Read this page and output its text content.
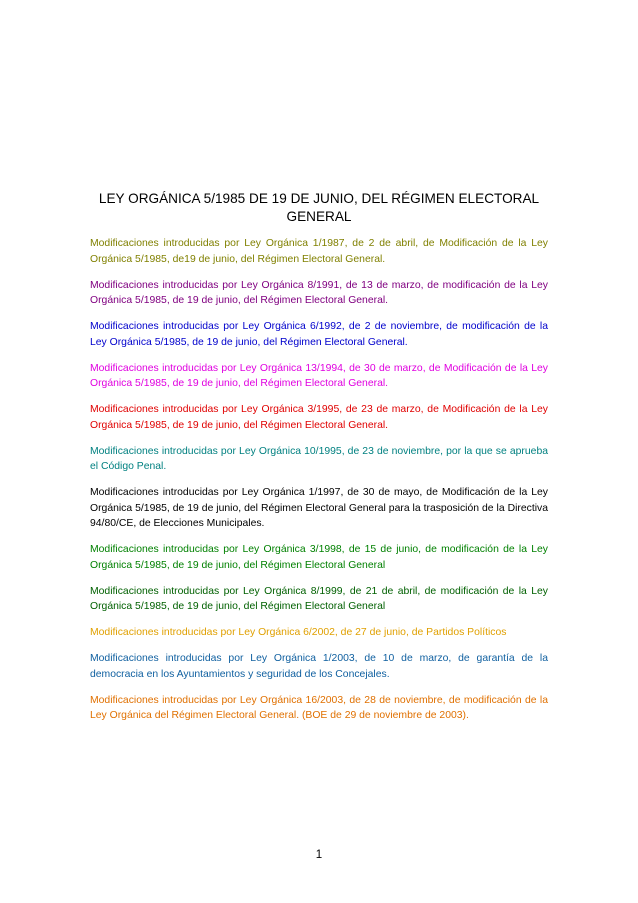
LEY ORGÁNICA 5/1985 DE 19 DE JUNIO, DEL RÉGIMEN ELECTORAL GENERAL
Modificaciones introducidas por Ley Orgánica 1/1987, de 2 de abril, de Modificación de la Ley Orgánica 5/1985, de19 de junio, del Régimen Electoral General.
Modificaciones introducidas por Ley Orgánica 8/1991, de 13 de marzo, de modificación de la Ley Orgánica 5/1985, de 19 de junio, del Régimen Electoral General.
Modificaciones introducidas por Ley Orgánica 6/1992, de 2 de noviembre, de modificación de la Ley Orgánica 5/1985, de 19 de junio, del Régimen Electoral General.
Modificaciones introducidas por Ley Orgánica 13/1994, de 30 de marzo, de Modificación de la Ley Orgánica 5/1985, de 19 de junio, del Régimen Electoral General.
Modificaciones introducidas por Ley Orgánica 3/1995, de 23 de marzo, de Modificación de la Ley Orgánica 5/1985, de 19 de junio, del Régimen Electoral General.
Modificaciones introducidas por Ley Orgánica 10/1995, de 23 de noviembre, por la que se aprueba el Código Penal.
Modificaciones introducidas por Ley Orgánica 1/1997, de 30 de mayo, de Modificación de la Ley Orgánica 5/1985, de 19 de junio, del Régimen Electoral General para la trasposición de la Directiva 94/80/CE, de Elecciones Municipales.
Modificaciones introducidas por Ley Orgánica 3/1998, de 15 de junio, de modificación de la Ley Orgánica 5/1985, de 19 de junio, del Régimen Electoral General
Modificaciones introducidas por Ley Orgánica 8/1999, de 21 de abril, de modificación de la Ley Orgánica 5/1985, de 19 de junio, del Régimen Electoral General
Modificaciones introducidas por Ley Orgánica 6/2002, de 27 de junio, de Partidos Políticos
Modificaciones introducidas por Ley Orgánica 1/2003, de 10 de marzo, de garantía de la democracia en los Ayuntamientos y seguridad de los Concejales.
Modificaciones introducidas por Ley Orgánica 16/2003, de 28 de noviembre, de modificación de la Ley Orgánica del Régimen Electoral General. (BOE de 29 de noviembre de 2003).
1
